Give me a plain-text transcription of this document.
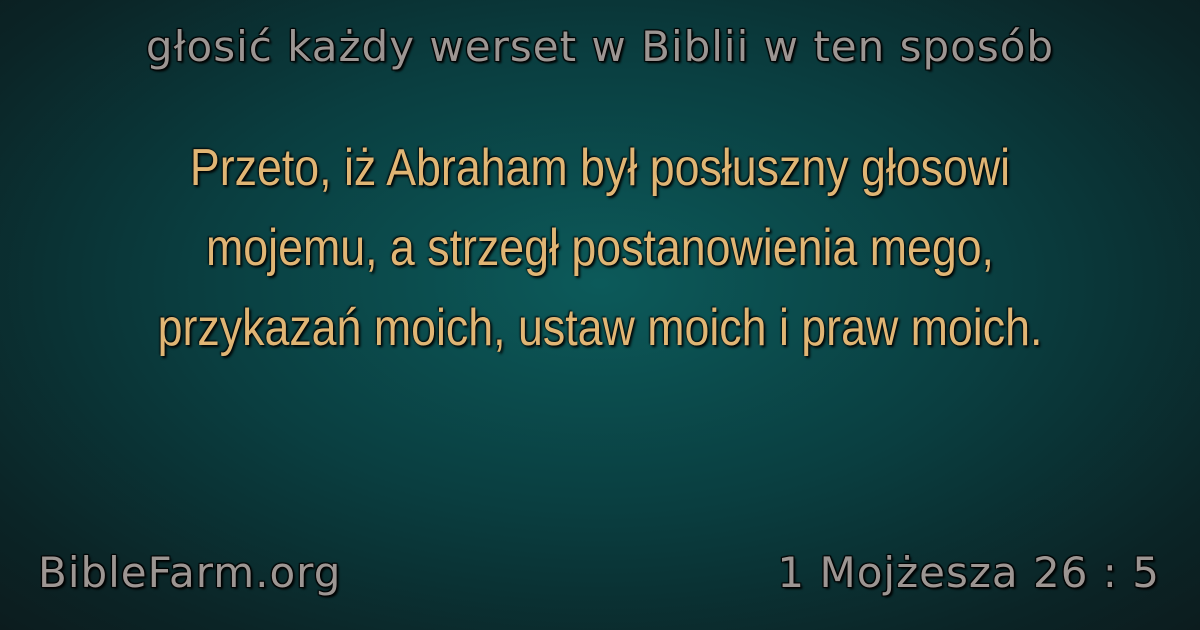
głosić każdy werset w Biblii w ten sposób
Przeto, iż Abraham był posłuszny głosowi mojemu, a strzegł postanowienia mego, przykazań moich, ustaw moich i praw moich.
BibleFarm.org	1 Mojżesza 26 : 5
